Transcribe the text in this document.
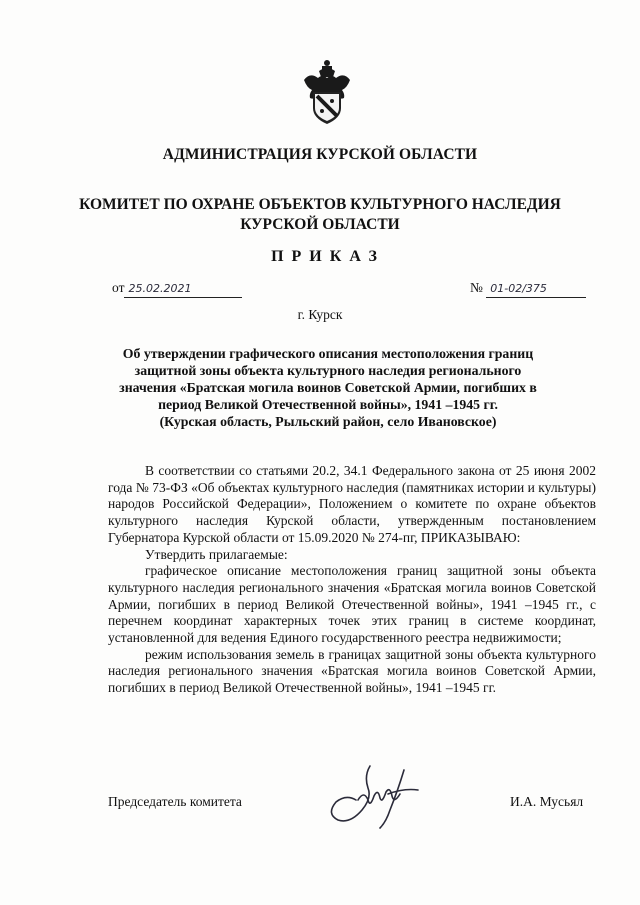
АДМИНИСТРАЦИЯ КУРСКОЙ ОБЛАСТИ
КОМИТЕТ ПО ОХРАНЕ ОБЪЕКТОВ КУЛЬТУРНОГО НАСЛЕДИЯ
КУРСКОЙ ОБЛАСТИ
ПРИКАЗ
от 25.02.2021	№ 01-02/375
г. Курск
Об утверждении графического описания местоположения границ
защитной зоны объекта культурного наследия регионального
значения «Братская могила воинов Советской Армии, погибших в
период Великой Отечественной войны», 1941 –1945 гг.
(Курская область, Рыльский район, село Ивановское)

В соответствии со статьями 20.2, 34.1 Федерального закона от 25 июня 2002 года № 73-ФЗ «Об объектах культурного наследия (памятниках истории и культуры) народов Российской Федерации», Положением о комитете по охране объектов культурного наследия Курской области, утвержденным постановлением Губернатора Курской области от 15.09.2020 № 274-пг, ПРИКАЗЫВАЮ:

Утвердить прилагаемые:

графическое описание местоположения границ защитной зоны объекта культурного наследия регионального значения «Братская могила воинов Советской Армии, погибших в период Великой Отечественной войны», 1941 –1945 гг., с перечнем координат характерных точек этих границ в системе координат, установленной для ведения Единого государственного реестра недвижимости;

режим использования земель в границах защитной зоны объекта культурного наследия регионального значения «Братская могила воинов Советской Армии, погибших в период Великой Отечественной войны», 1941 –1945 гг.

Председатель комитета	И.А. Мусьял
